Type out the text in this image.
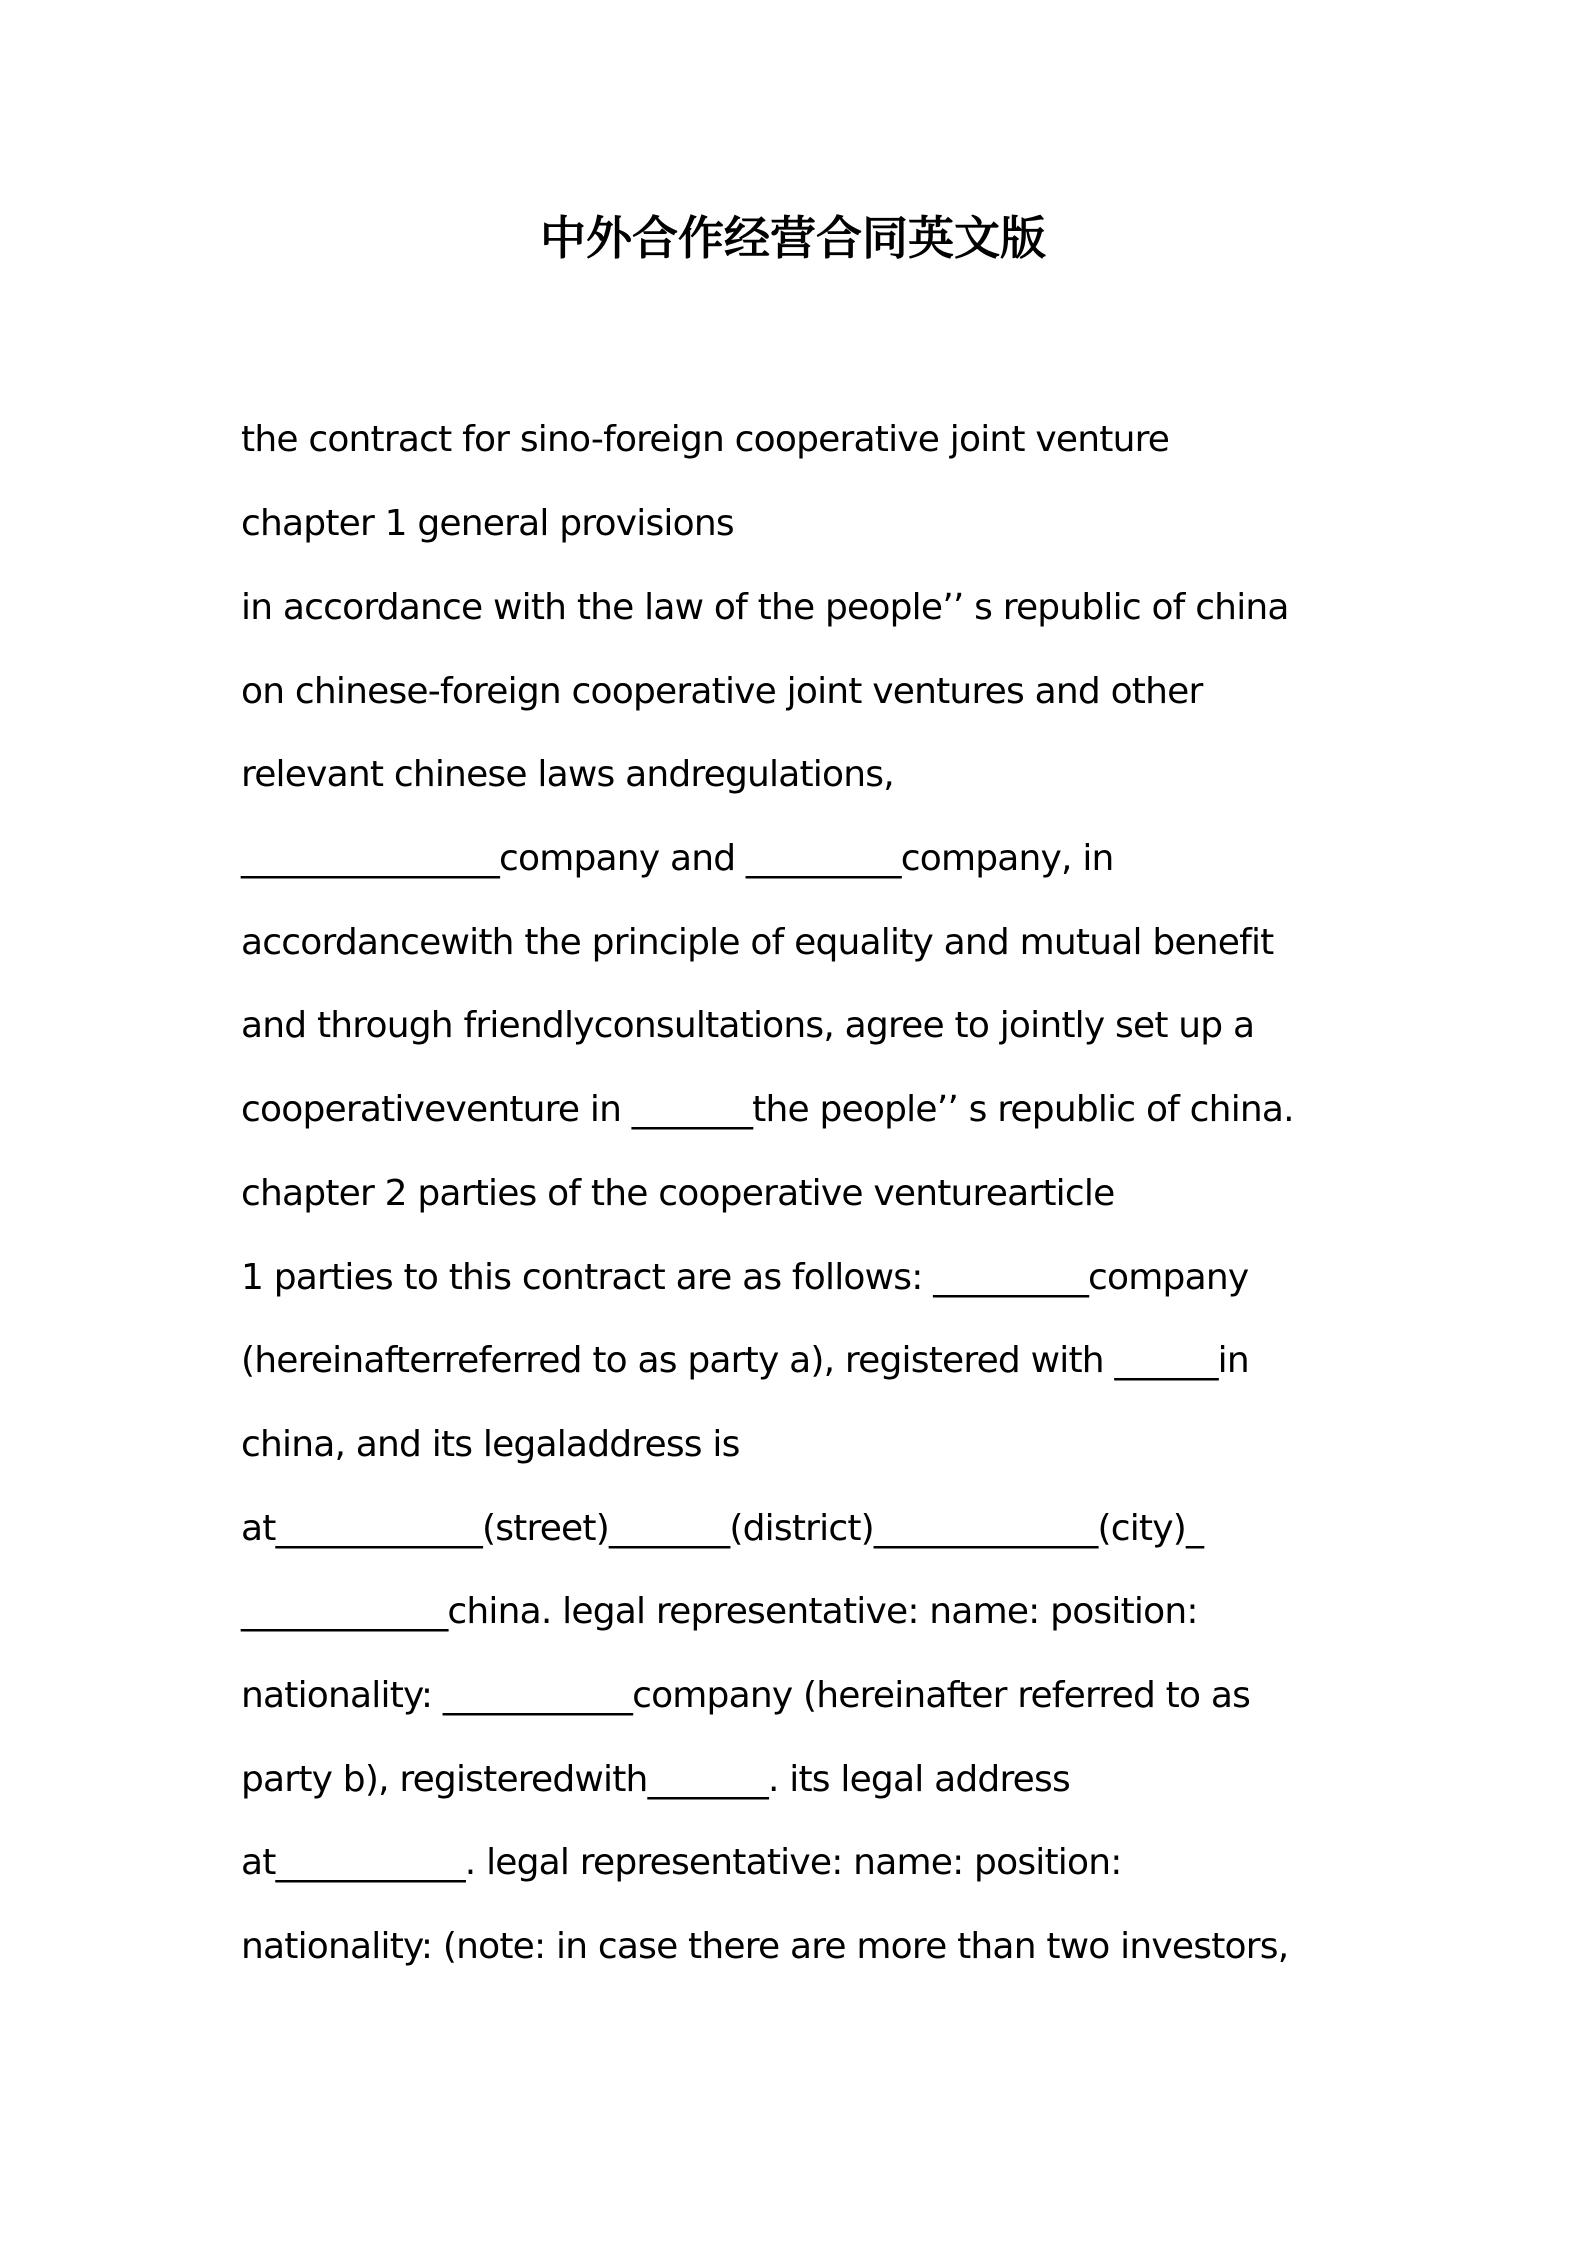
中外合作经营合同英文版
the contract for sino-foreign cooperative joint venture
chapter 1 general provisions
in accordance with the law of the people’’ s republic of china
on chinese-foreign cooperative joint ventures and other
relevant chinese laws andregulations,
_______________company and _________company, in
accordancewith the principle of equality and mutual benefit
and through friendlyconsultations, agree to jointly set up a
cooperativeventure in _______the people’’ s republic of china.
chapter 2 parties of the cooperative venturearticle
1 parties to this contract are as follows: _________company
(hereinafterreferred to as party a), registered with ______in
china, and its legaladdress is
at____________(street)_______(district)_____________(city)_
____________china. legal representative: name: position:
nationality: ___________company (hereinafter referred to as
party b), registeredwith_______. its legal address
at___________. legal representative: name: position:
nationality: (note: in case there are more than two investors,
